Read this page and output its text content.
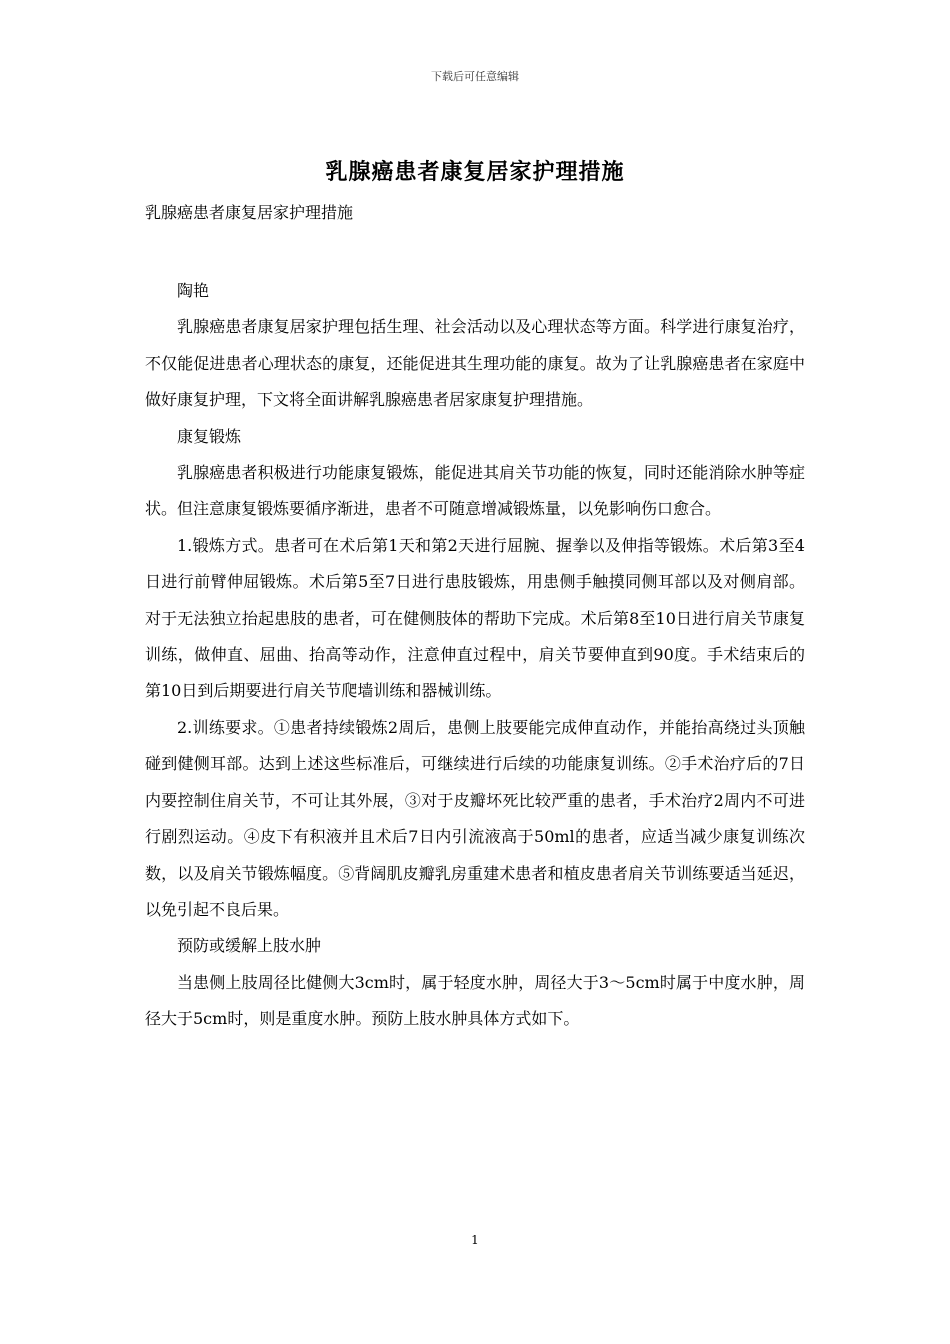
下载后可任意编辑
乳腺癌患者康复居家护理措施
乳腺癌患者康复居家护理措施

陶艳

乳腺癌患者康复居家护理包括生理、社会活动以及心理状态等方面。科学进行康复治疗，不仅能促进患者心理状态的康复，还能促进其生理功能的康复。故为了让乳腺癌患者在家庭中做好康复护理，下文将全面讲解乳腺癌患者居家康复护理措施。

康复锻炼

乳腺癌患者积极进行功能康复锻炼，能促进其肩关节功能的恢复，同时还能消除水肿等症状。但注意康复锻炼要循序渐进，患者不可随意增减锻炼量，以免影响伤口愈合。

1.锻炼方式。患者可在术后第1天和第2天进行屈腕、握拳以及伸指等锻炼。术后第3至4日进行前臂伸屈锻炼。术后第5至7日进行患肢锻炼，用患侧手触摸同侧耳部以及对侧肩部。对于无法独立抬起患肢的患者，可在健侧肢体的帮助下完成。术后第8至10日进行肩关节康复训练，做伸直、屈曲、抬高等动作，注意伸直过程中，肩关节要伸直到90度。手术结束后的第10日到后期要进行肩关节爬墙训练和器械训练。

2.训练要求。①患者持续锻炼2周后，患侧上肢要能完成伸直动作，并能抬高绕过头顶触碰到健侧耳部。达到上述这些标准后，可继续进行后续的功能康复训练。②手术治疗后的7日内要控制住肩关节，不可让其外展，③对于皮瓣坏死比较严重的患者，手术治疗2周内不可进行剧烈运动。④皮下有积液并且术后7日内引流液高于50ml的患者，应适当减少康复训练次数，以及肩关节锻炼幅度。⑤背阔肌皮瓣乳房重建术患者和植皮患者肩关节训练要适当延迟，以免引起不良后果。

预防或缓解上肢水肿

当患侧上肢周径比健侧大3cm时，属于轻度水肿，周径大于3～5cm时属于中度水肿，周径大于5cm时，则是重度水肿。预防上肢水肿具体方式如下。

1
